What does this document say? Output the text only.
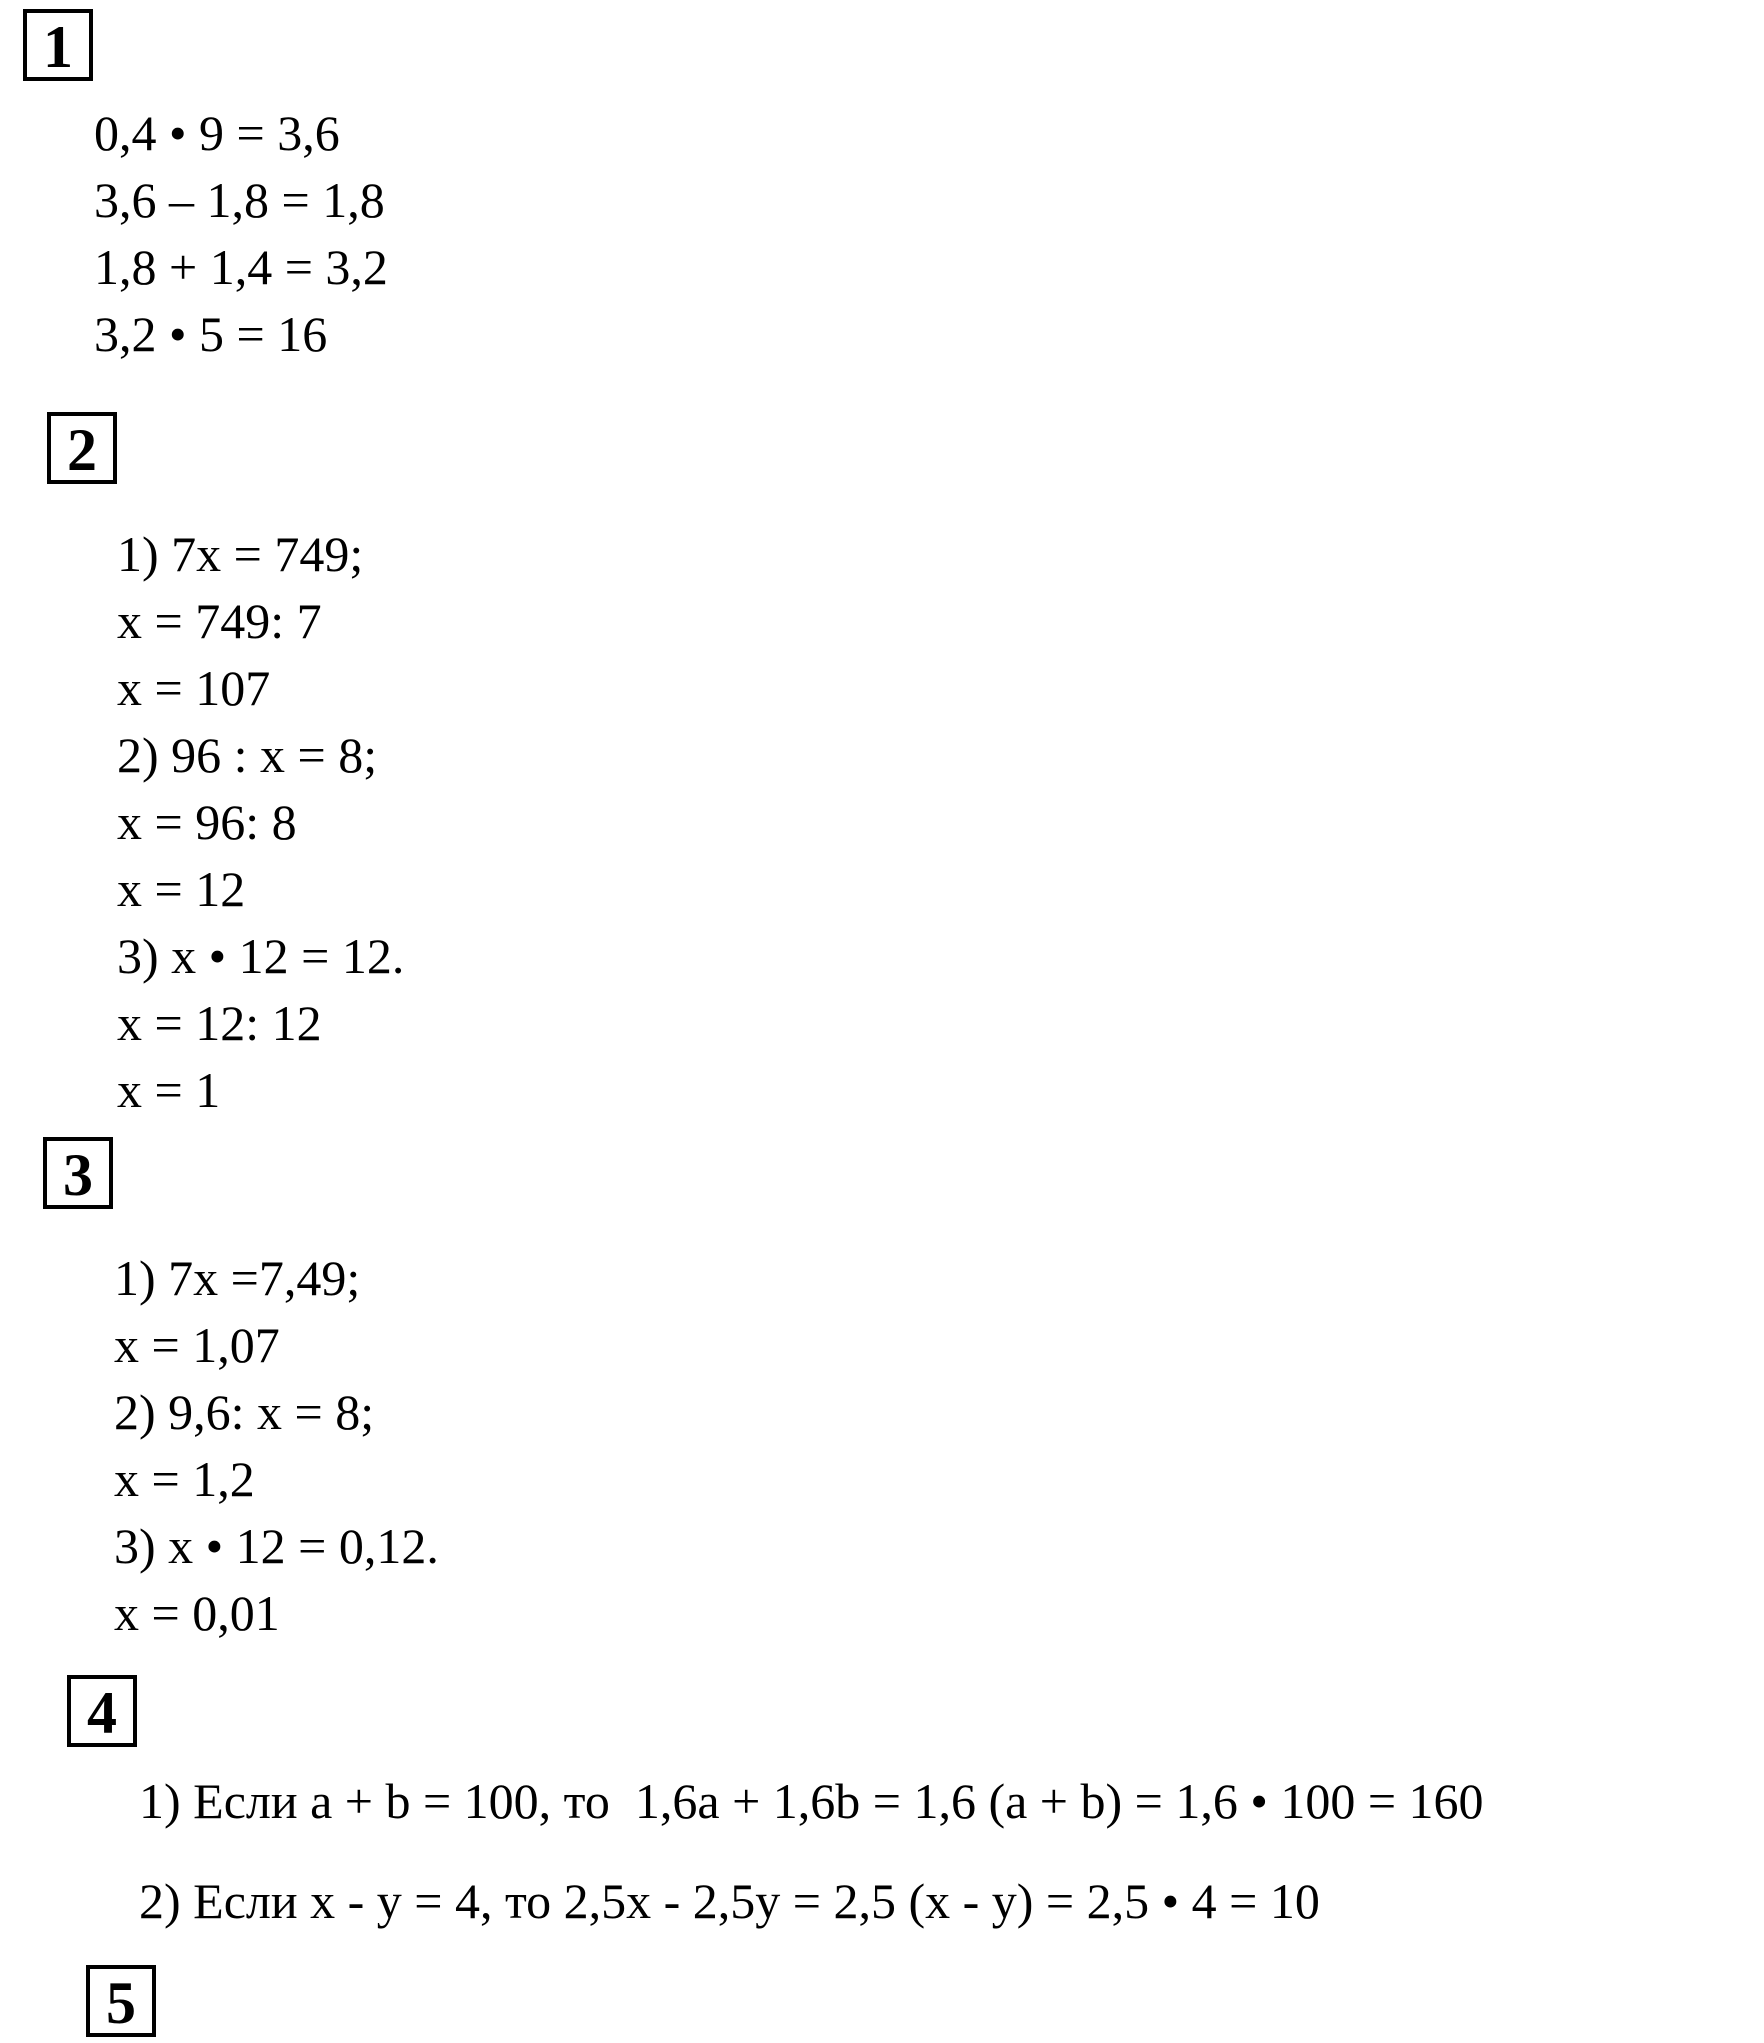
1
0,4 • 9 = 3,6
3,6 – 1,8 = 1,8
1,8 + 1,4 = 3,2
3,2 • 5 = 16
2
1) 7x = 749;
x = 749: 7
x = 107
2) 96 : x = 8;
x = 96: 8
x = 12
3) x • 12 = 12.
x = 12: 12
x = 1
3
1) 7x =7,49;
x = 1,07
2) 9,6: x = 8;
x = 1,2
3) x • 12 = 0,12.
x = 0,01
4
1) Если a + b = 100, то  1,6a + 1,6b = 1,6 (a + b) = 1,6 • 100 = 160
2) Если x - y = 4, то 2,5x - 2,5y = 2,5 (x - y) = 2,5 • 4 = 10
5
